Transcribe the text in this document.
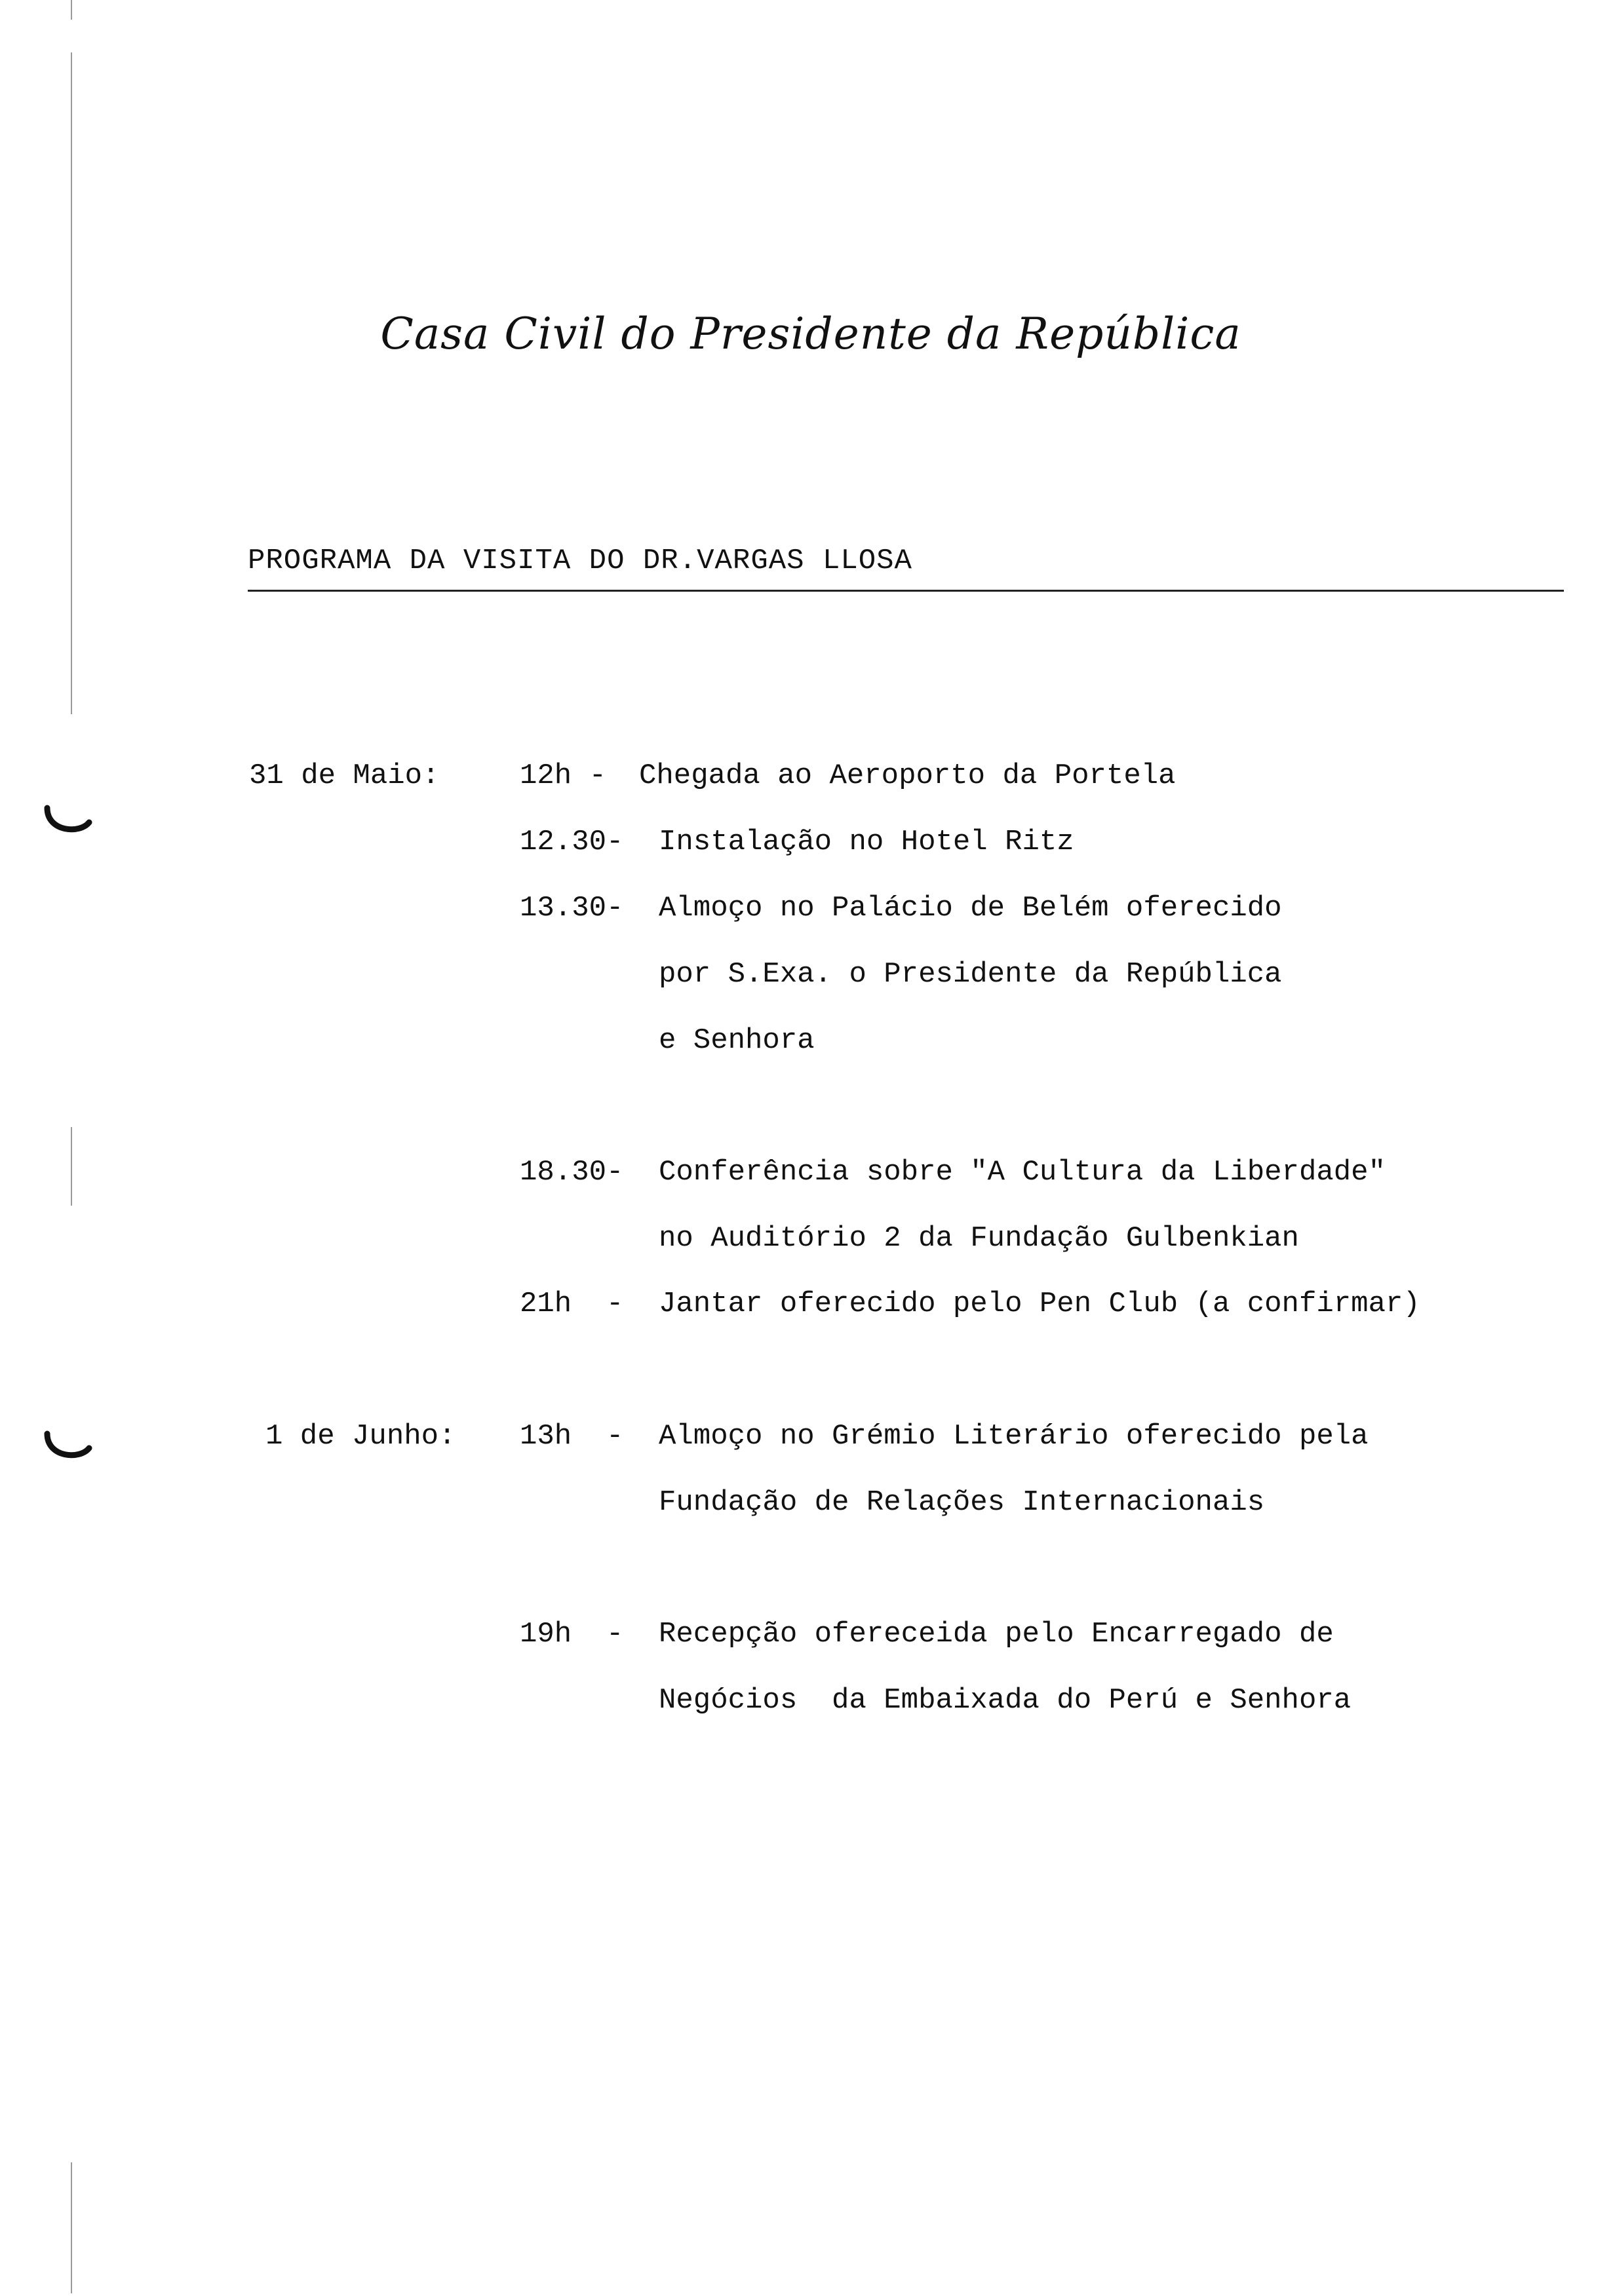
Casa Civil do Presidente da República
PROGRAMA DA VISITA DO DR.VARGAS LLOSA
31 de Maio:	12h - Chegada ao Aeroporto da Portela
12.30- Instalação no Hotel Ritz
13.30- Almoço no Palácio de Belém oferecido
por S.Exa. o Presidente da República
e Senhora
18.30- Conferência sobre "A Cultura da Liberdade"
no Auditório 2 da Fundação Gulbenkian
21h  - Jantar oferecido pelo Pen Club (a confirmar)
1 de Junho: 13h  - Almoço no Grémio Literário oferecido pela
Fundação de Relações Internacionais
19h  - Recepção ofereceida pelo Encarregado de
Negócios  da Embaixada do Perú e Senhora
